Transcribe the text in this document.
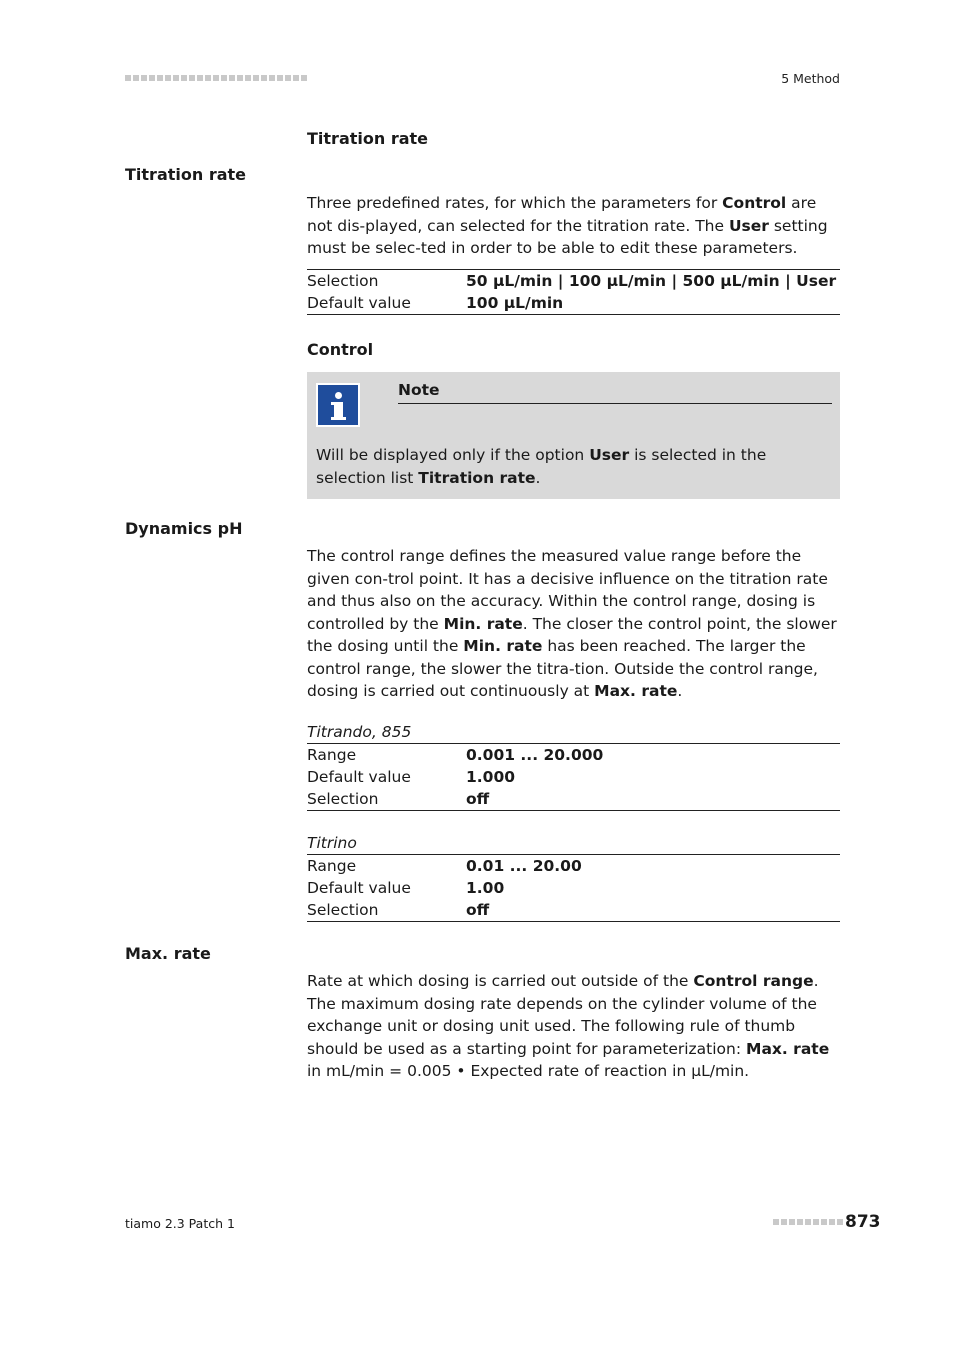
5 Method
Titration rate
Titration rate
Three predefined rates, for which the parameters for Control are not dis-played, can selected for the titration rate. The User setting must be selec-ted in order to be able to edit these parameters.
Selection	50 µL/min | 100 µL/min | 500 µL/min | User
Default value	100 µL/min
Control
Note
Will be displayed only if the option User is selected in the selection list Titration rate.
Dynamics pH
The control range defines the measured value range before the given con-trol point. It has a decisive influence on the titration rate and thus also on the accuracy. Within the control range, dosing is controlled by the Min. rate. The closer the control point, the slower the dosing until the Min. rate has been reached. The larger the control range, the slower the titra-tion. Outside the control range, dosing is carried out continuously at Max. rate.
Titrando, 855
Range	0.001 ... 20.000
Default value	1.000
Selection	off
Titrino
Range	0.01 ... 20.00
Default value	1.00
Selection	off
Max. rate
Rate at which dosing is carried out outside of the Control range. The maximum dosing rate depends on the cylinder volume of the exchange unit or dosing unit used. The following rule of thumb should be used as a starting point for parameterization: Max. rate in mL/min = 0.005 • Expected rate of reaction in µL/min.
tiamo 2.3 Patch 1	873
